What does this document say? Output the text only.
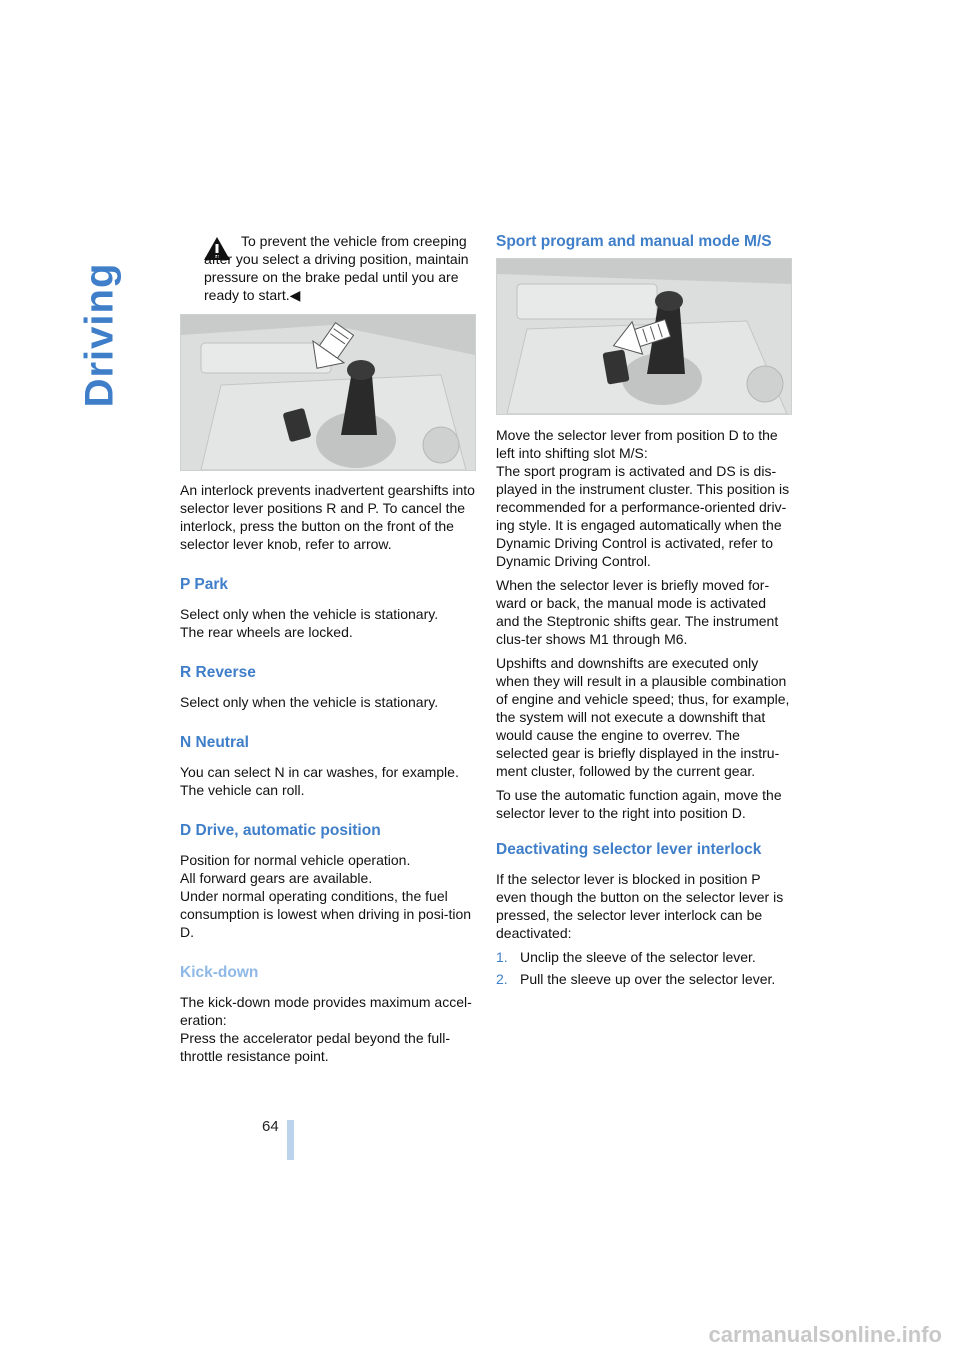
Driving
64

To prevent the vehicle from creeping after you select a driving position, maintain pressure on the brake pedal until you are ready to start.◀

An interlock prevents inadvertent gearshifts into selector lever positions R and P. To cancel the interlock, press the button on the front of the selector lever knob, refer to arrow.

P Park

Select only when the vehicle is stationary.

The rear wheels are locked.

R Reverse

Select only when the vehicle is stationary.

N Neutral

You can select N in car washes, for example.

The vehicle can roll.

D Drive, automatic position

Position for normal vehicle operation.

All forward gears are available.

Under normal operating conditions, the fuel consumption is lowest when driving in posi-tion D.

Kick-down

The kick-down mode provides maximum accel-eration:

Press the accelerator pedal beyond the full-throttle resistance point.

Sport program and manual mode M/S

Move the selector lever from position D to the left into shifting slot M/S:

The sport program is activated and DS is dis-played in the instrument cluster. This position is recommended for a performance-oriented driv-ing style. It is engaged automatically when the Dynamic Driving Control is activated, refer to Dynamic Driving Control.

When the selector lever is briefly moved for-ward or back, the manual mode is activated and the Steptronic shifts gear. The instrument clus-ter shows M1 through M6.

Upshifts and downshifts are executed only when they will result in a plausible combination of engine and vehicle speed; thus, for example, the system will not execute a downshift that would cause the engine to overrev. The selected gear is briefly displayed in the instru-ment cluster, followed by the current gear.

To use the automatic function again, move the selector lever to the right into position D.

Deactivating selector lever interlock

If the selector lever is blocked in position P even though the button on the selector lever is pressed, the selector lever interlock can be deactivated:

1. Unclip the sleeve of the selector lever.
2. Pull the sleeve up over the selector lever.
carmanualsonline.info
